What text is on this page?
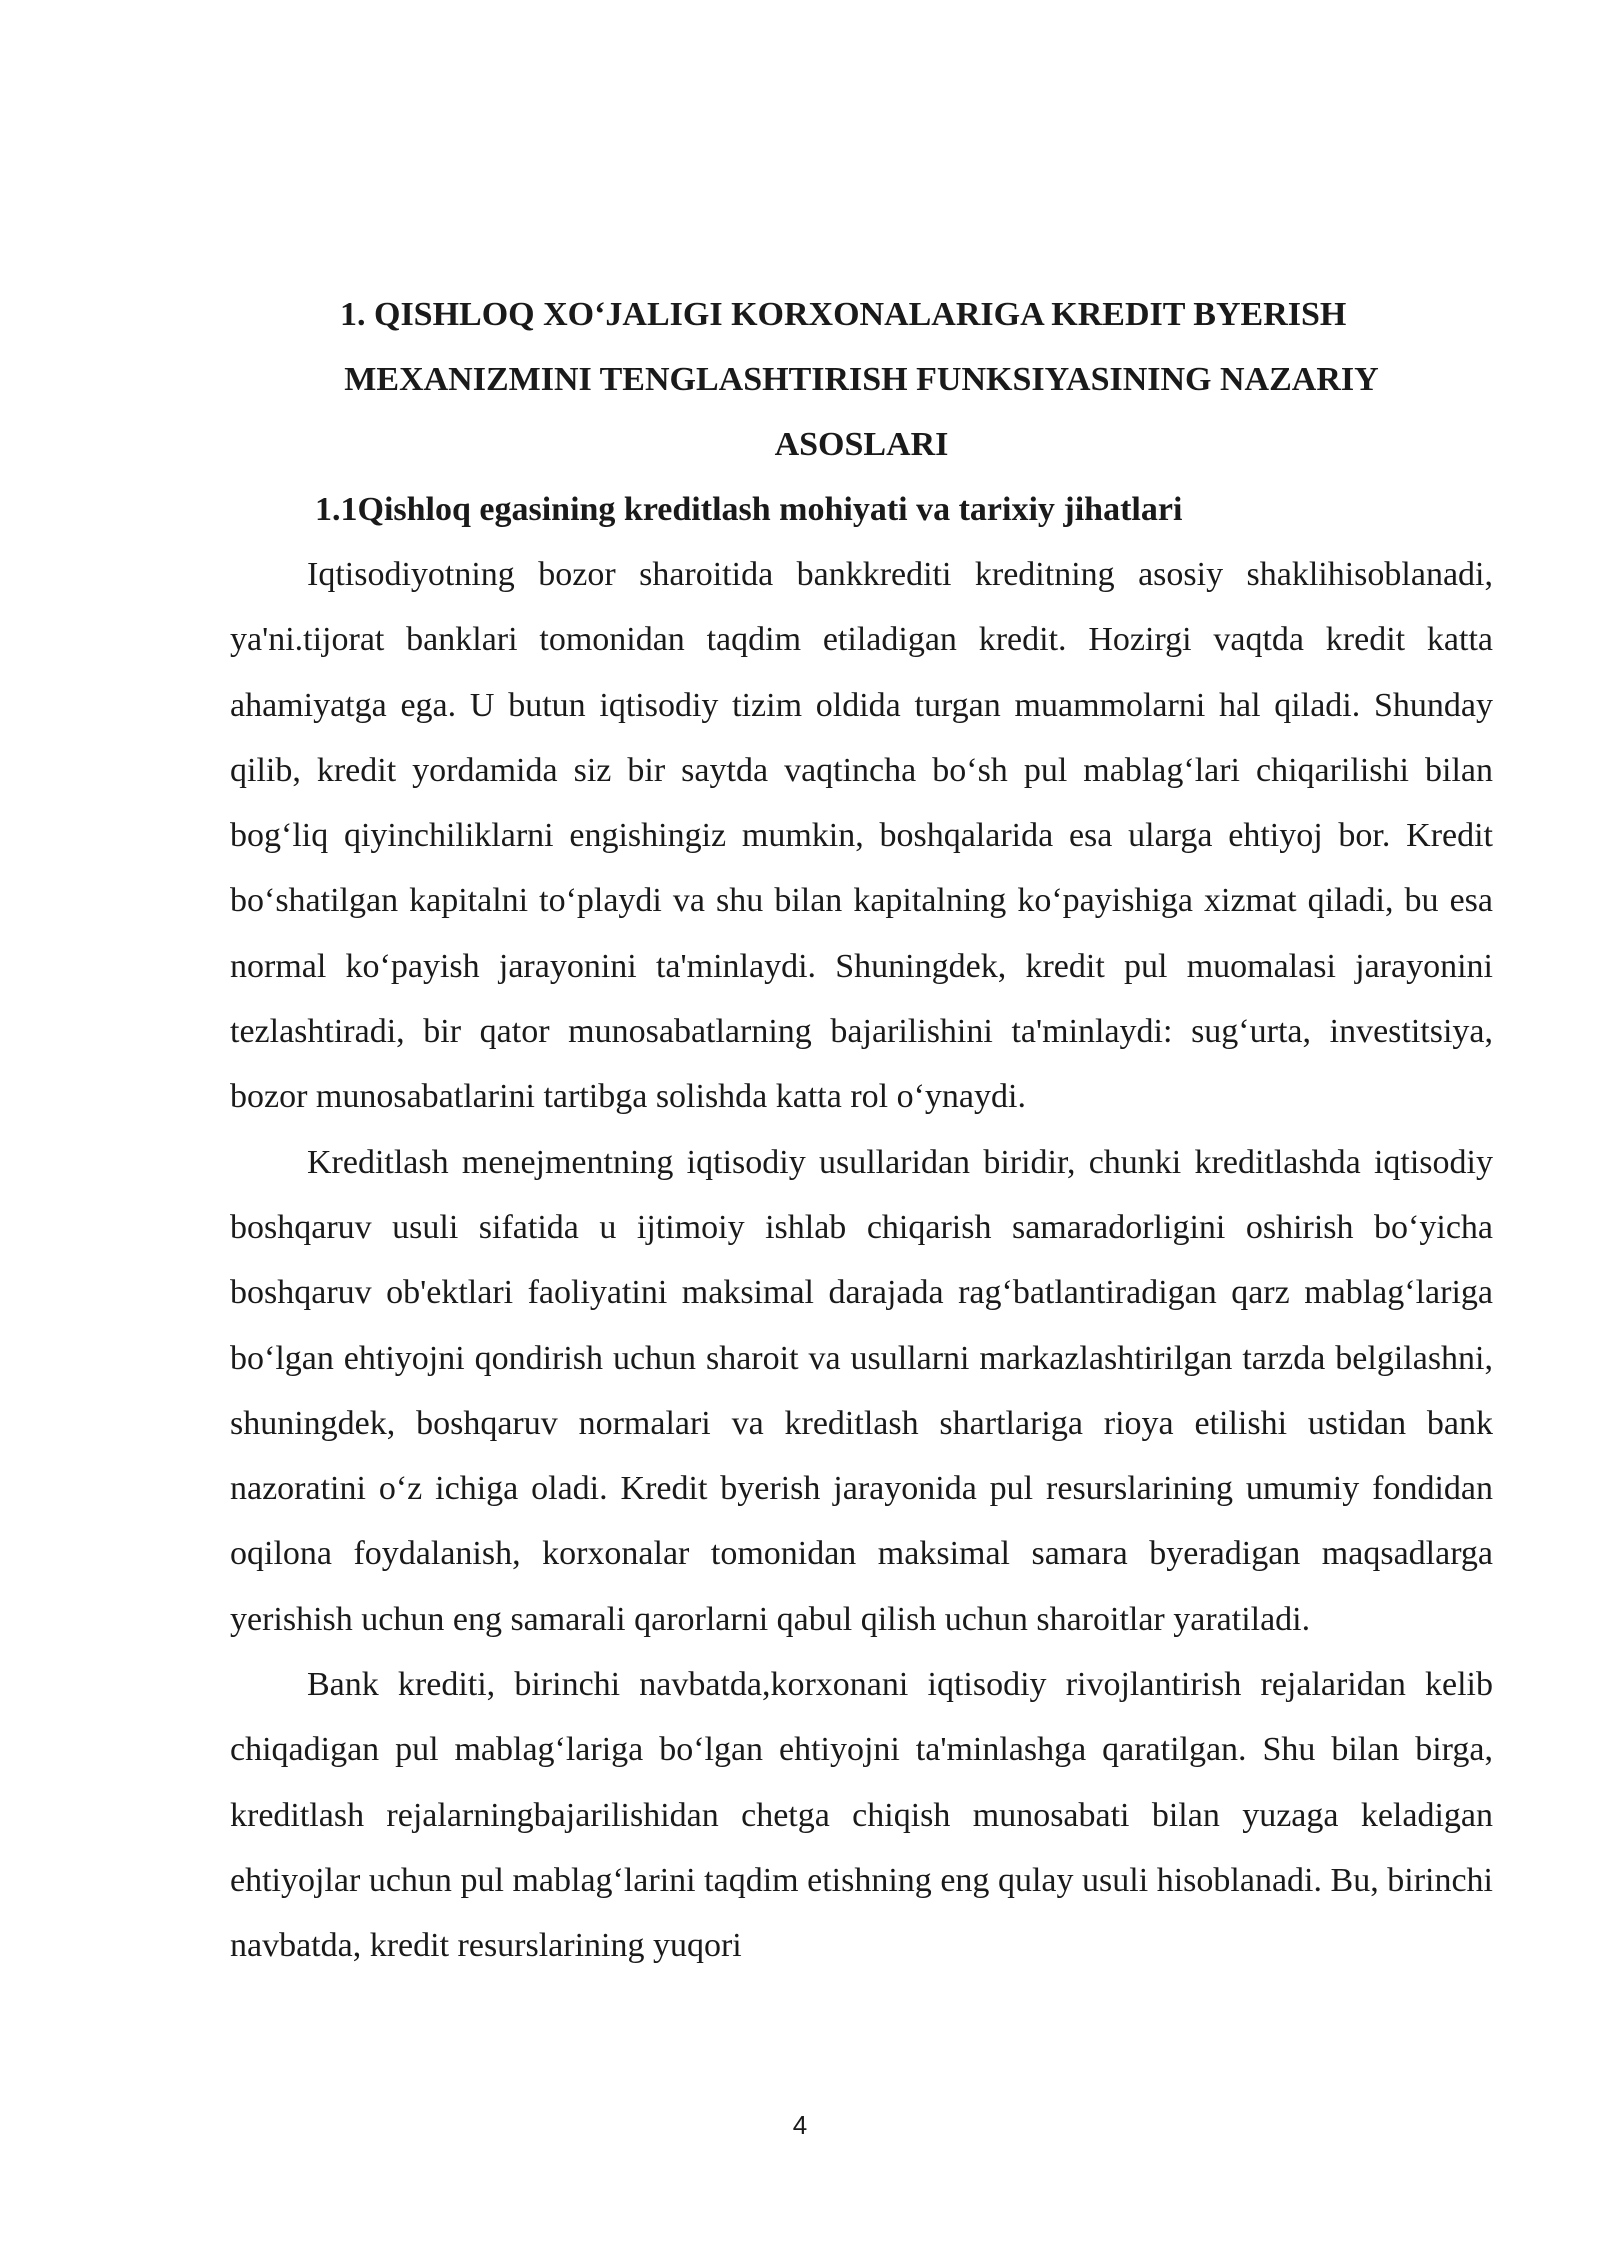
1. QISHLOQ XO‘JALIGI KORXONALARIGA KREDIT BYERISH
MEXANIZMINI TENGLASHTIRISH FUNKSIYASINING NAZARIY
ASOSLARI
1.1Qishloq egasining kreditlash mohiyati va tarixiy jihatlari

Iqtisodiyotning bozor sharoitida bankkrediti kreditning asosiy shaklihisoblanadi, ya'ni.tijorat banklari tomonidan taqdim etiladigan kredit. Hozirgi vaqtda kredit katta ahamiyatga ega. U butun iqtisodiy tizim oldida turgan muammolarni hal qiladi. Shunday qilib, kredit yordamida siz bir saytda vaqtincha bo‘sh pul mablag‘lari chiqarilishi bilan bog‘liq qiyinchiliklarni engishingiz mumkin, boshqalarida esa ularga ehtiyoj bor. Kredit bo‘shatilgan kapitalni to‘playdi va shu bilan kapitalning ko‘payishiga xizmat qiladi, bu esa normal ko‘payish jarayonini ta'minlaydi. Shuningdek, kredit pul muomalasi jarayonini tezlashtiradi, bir qator munosabatlarning bajarilishini ta'minlaydi: sug‘urta, investitsiya, bozor munosabatlarini tartibga solishda katta rol o‘ynaydi.

Kreditlash menejmentning iqtisodiy usullaridan biridir, chunki kreditlashda iqtisodiy boshqaruv usuli sifatida u ijtimoiy ishlab chiqarish samaradorligini oshirish bo‘yicha boshqaruv ob'ektlari faoliyatini maksimal darajada rag‘batlantiradigan qarz mablag‘lariga bo‘lgan ehtiyojni qondirish uchun sharoit va usullarni markazlashtirilgan tarzda belgilashni, shuningdek, boshqaruv normalari va kreditlash shartlariga rioya etilishi ustidan bank nazoratini o‘z ichiga oladi. Kredit byerish jarayonida pul resurslarining umumiy fondidan oqilona foydalanish, korxonalar tomonidan maksimal samara byeradigan maqsadlarga yerishish uchun eng samarali qarorlarni qabul qilish uchun sharoitlar yaratiladi.

Bank krediti, birinchi navbatda,korxonani iqtisodiy rivojlantirish rejalaridan kelib chiqadigan pul mablag‘lariga bo‘lgan ehtiyojni ta'minlashga qaratilgan. Shu bilan birga, kreditlash rejalarningbajarilishidan chetga chiqish munosabati bilan yuzaga keladigan ehtiyojlar uchun pul mablag‘larini taqdim etishning eng qulay usuli hisoblanadi. Bu, birinchi navbatda, kredit resurslarining yuqori

4
